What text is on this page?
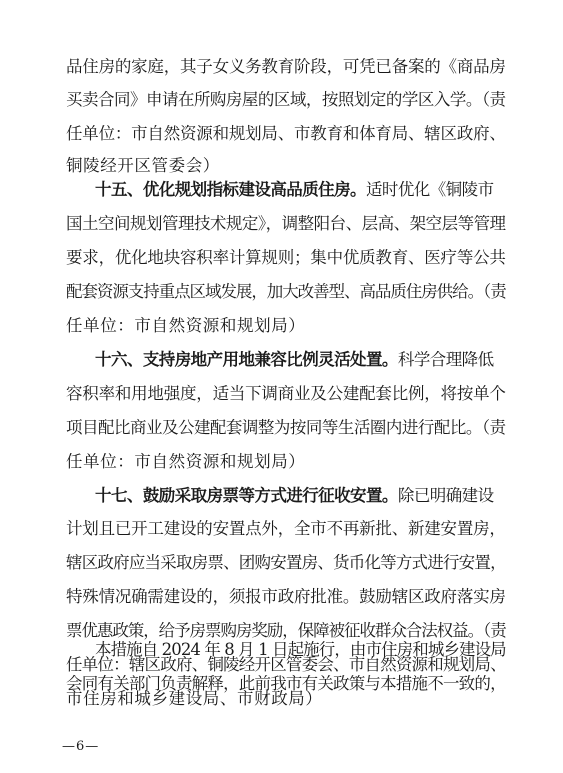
品住房的家庭，其子女义务教育阶段，可凭已备案的《商品房
买卖合同》申请在所购房屋的区域，按照划定的学区入学。（责
任单位：市自然资源和规划局、市教育和体育局、辖区政府、
铜陵经开区管委会）
十五、优化规划指标建设高品质住房。适时优化《铜陵市
国土空间规划管理技术规定》，调整阳台、层高、架空层等管理
要求，优化地块容积率计算规则；集中优质教育、医疗等公共
配套资源支持重点区域发展，加大改善型、高品质住房供给。（责
任单位：市自然资源和规划局）
十六、支持房地产用地兼容比例灵活处置。科学合理降低
容积率和用地强度，适当下调商业及公建配套比例，将按单个
项目配比商业及公建配套调整为按同等生活圈内进行配比。（责
任单位：市自然资源和规划局）
十七、鼓励采取房票等方式进行征收安置。除已明确建设
计划且已开工建设的安置点外，全市不再新批、新建安置房，
辖区政府应当采取房票、团购安置房、货币化等方式进行安置，
特殊情况确需建设的，须报市政府批准。鼓励辖区政府落实房
票优惠政策，给予房票购房奖励，保障被征收群众合法权益。（责
任单位：辖区政府、铜陵经开区管委会、市自然资源和规划局、
市住房和城乡建设局、市财政局）
本措施自 2024 年 8 月 1 日起施行，由市住房和城乡建设局
会同有关部门负责解释，此前我市有关政策与本措施不一致的，
—6—
